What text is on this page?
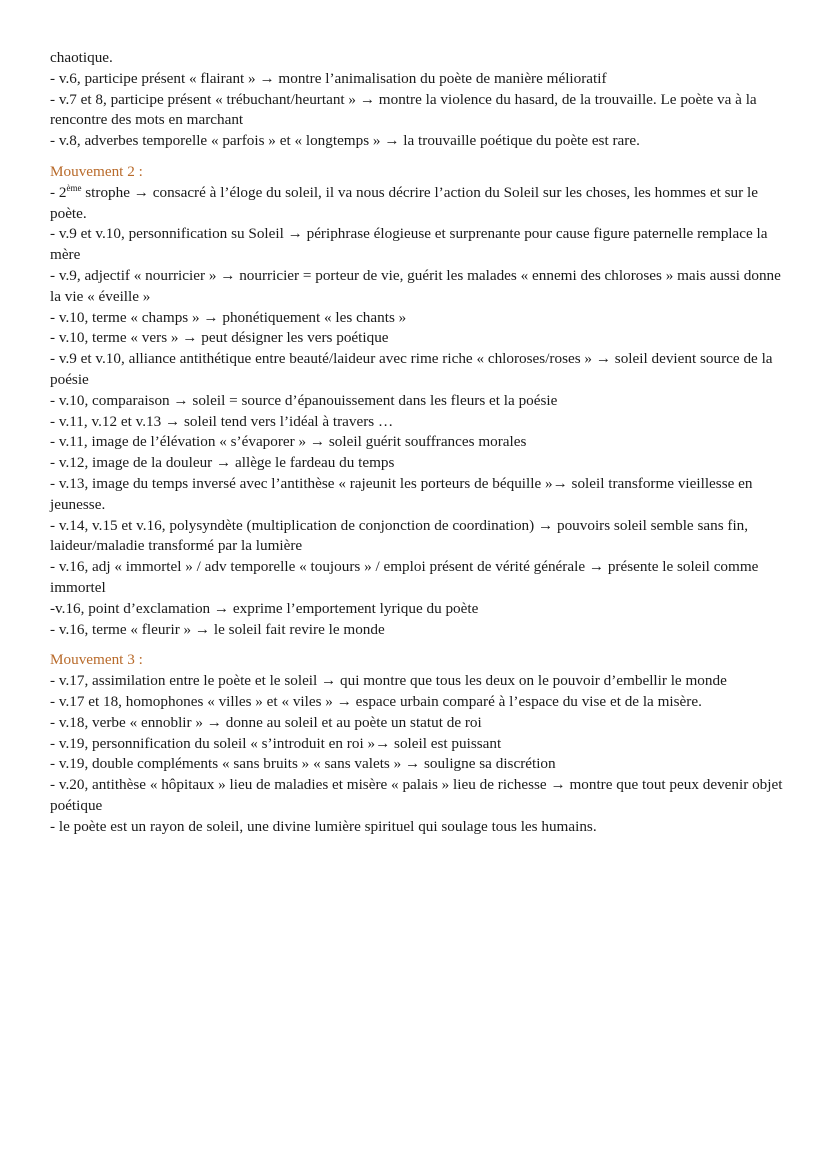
chaotique.

- v.6, participe présent « flairant » → montre l’animalisation du poète de manière mélioratif

- v.7 et 8, participe présent « trébuchant/heurtant » → montre la violence du hasard, de la trouvaille. Le poète va à la rencontre des mots en marchant

- v.8, adverbes temporelle « parfois » et « longtemps » → la trouvaille poétique du poète est rare.

Mouvement 2 :

- 2ème strophe → consacré à l’éloge du soleil, il va nous décrire l’action du Soleil sur les choses, les hommes et sur le poète.

- v.9 et v.10, personnification su Soleil → périphrase élogieuse et surprenante pour cause figure paternelle remplace la mère

- v.9, adjectif « nourricier » → nourricier = porteur de vie, guérit les malades « ennemi des chloroses » mais aussi donne la vie « éveille »

- v.10, terme « champs » → phonétiquement « les chants »

- v.10, terme « vers » → peut désigner les vers poétique

- v.9 et v.10, alliance antithétique entre beauté/laideur avec rime riche « chloroses/roses » → soleil devient source de la poésie

- v.10, comparaison → soleil = source d’épanouissement dans les fleurs et la poésie

- v.11, v.12 et v.13 → soleil tend vers l’idéal à travers …

- v.11, image de l’élévation « s’évaporer » → soleil guérit souffrances morales

- v.12, image de la douleur → allège le fardeau du temps

- v.13, image du temps inversé avec l’antithèse « rajeunit les porteurs de béquille »→ soleil transforme vieillesse en jeunesse.

- v.14, v.15 et v.16, polysyndète (multiplication de conjonction de coordination) → pouvoirs soleil semble sans fin, laideur/maladie transformé par la lumière

- v.16, adj « immortel » / adv temporelle « toujours » / emploi présent de vérité générale → présente le soleil comme immortel

-v.16, point d’exclamation → exprime l’emportement lyrique du poète

- v.16, terme « fleurir » → le soleil fait revire le monde

Mouvement 3 :

- v.17, assimilation entre le poète et le soleil → qui montre que tous les deux on le pouvoir d’embellir le monde

- v.17 et 18, homophones « villes » et « viles » → espace urbain comparé à l’espace du vise et de la misère.

- v.18, verbe « ennoblir » → donne au soleil et au poète un statut de roi

- v.19, personnification du soleil « s’introduit en roi »→ soleil est puissant

- v.19, double compléments « sans bruits » « sans valets » → souligne sa discrétion

- v.20, antithèse « hôpitaux » lieu de maladies et misère « palais » lieu de richesse → montre que tout peux devenir objet poétique

- le poète est un rayon de soleil, une divine lumière spirituel qui soulage tous les humains.
